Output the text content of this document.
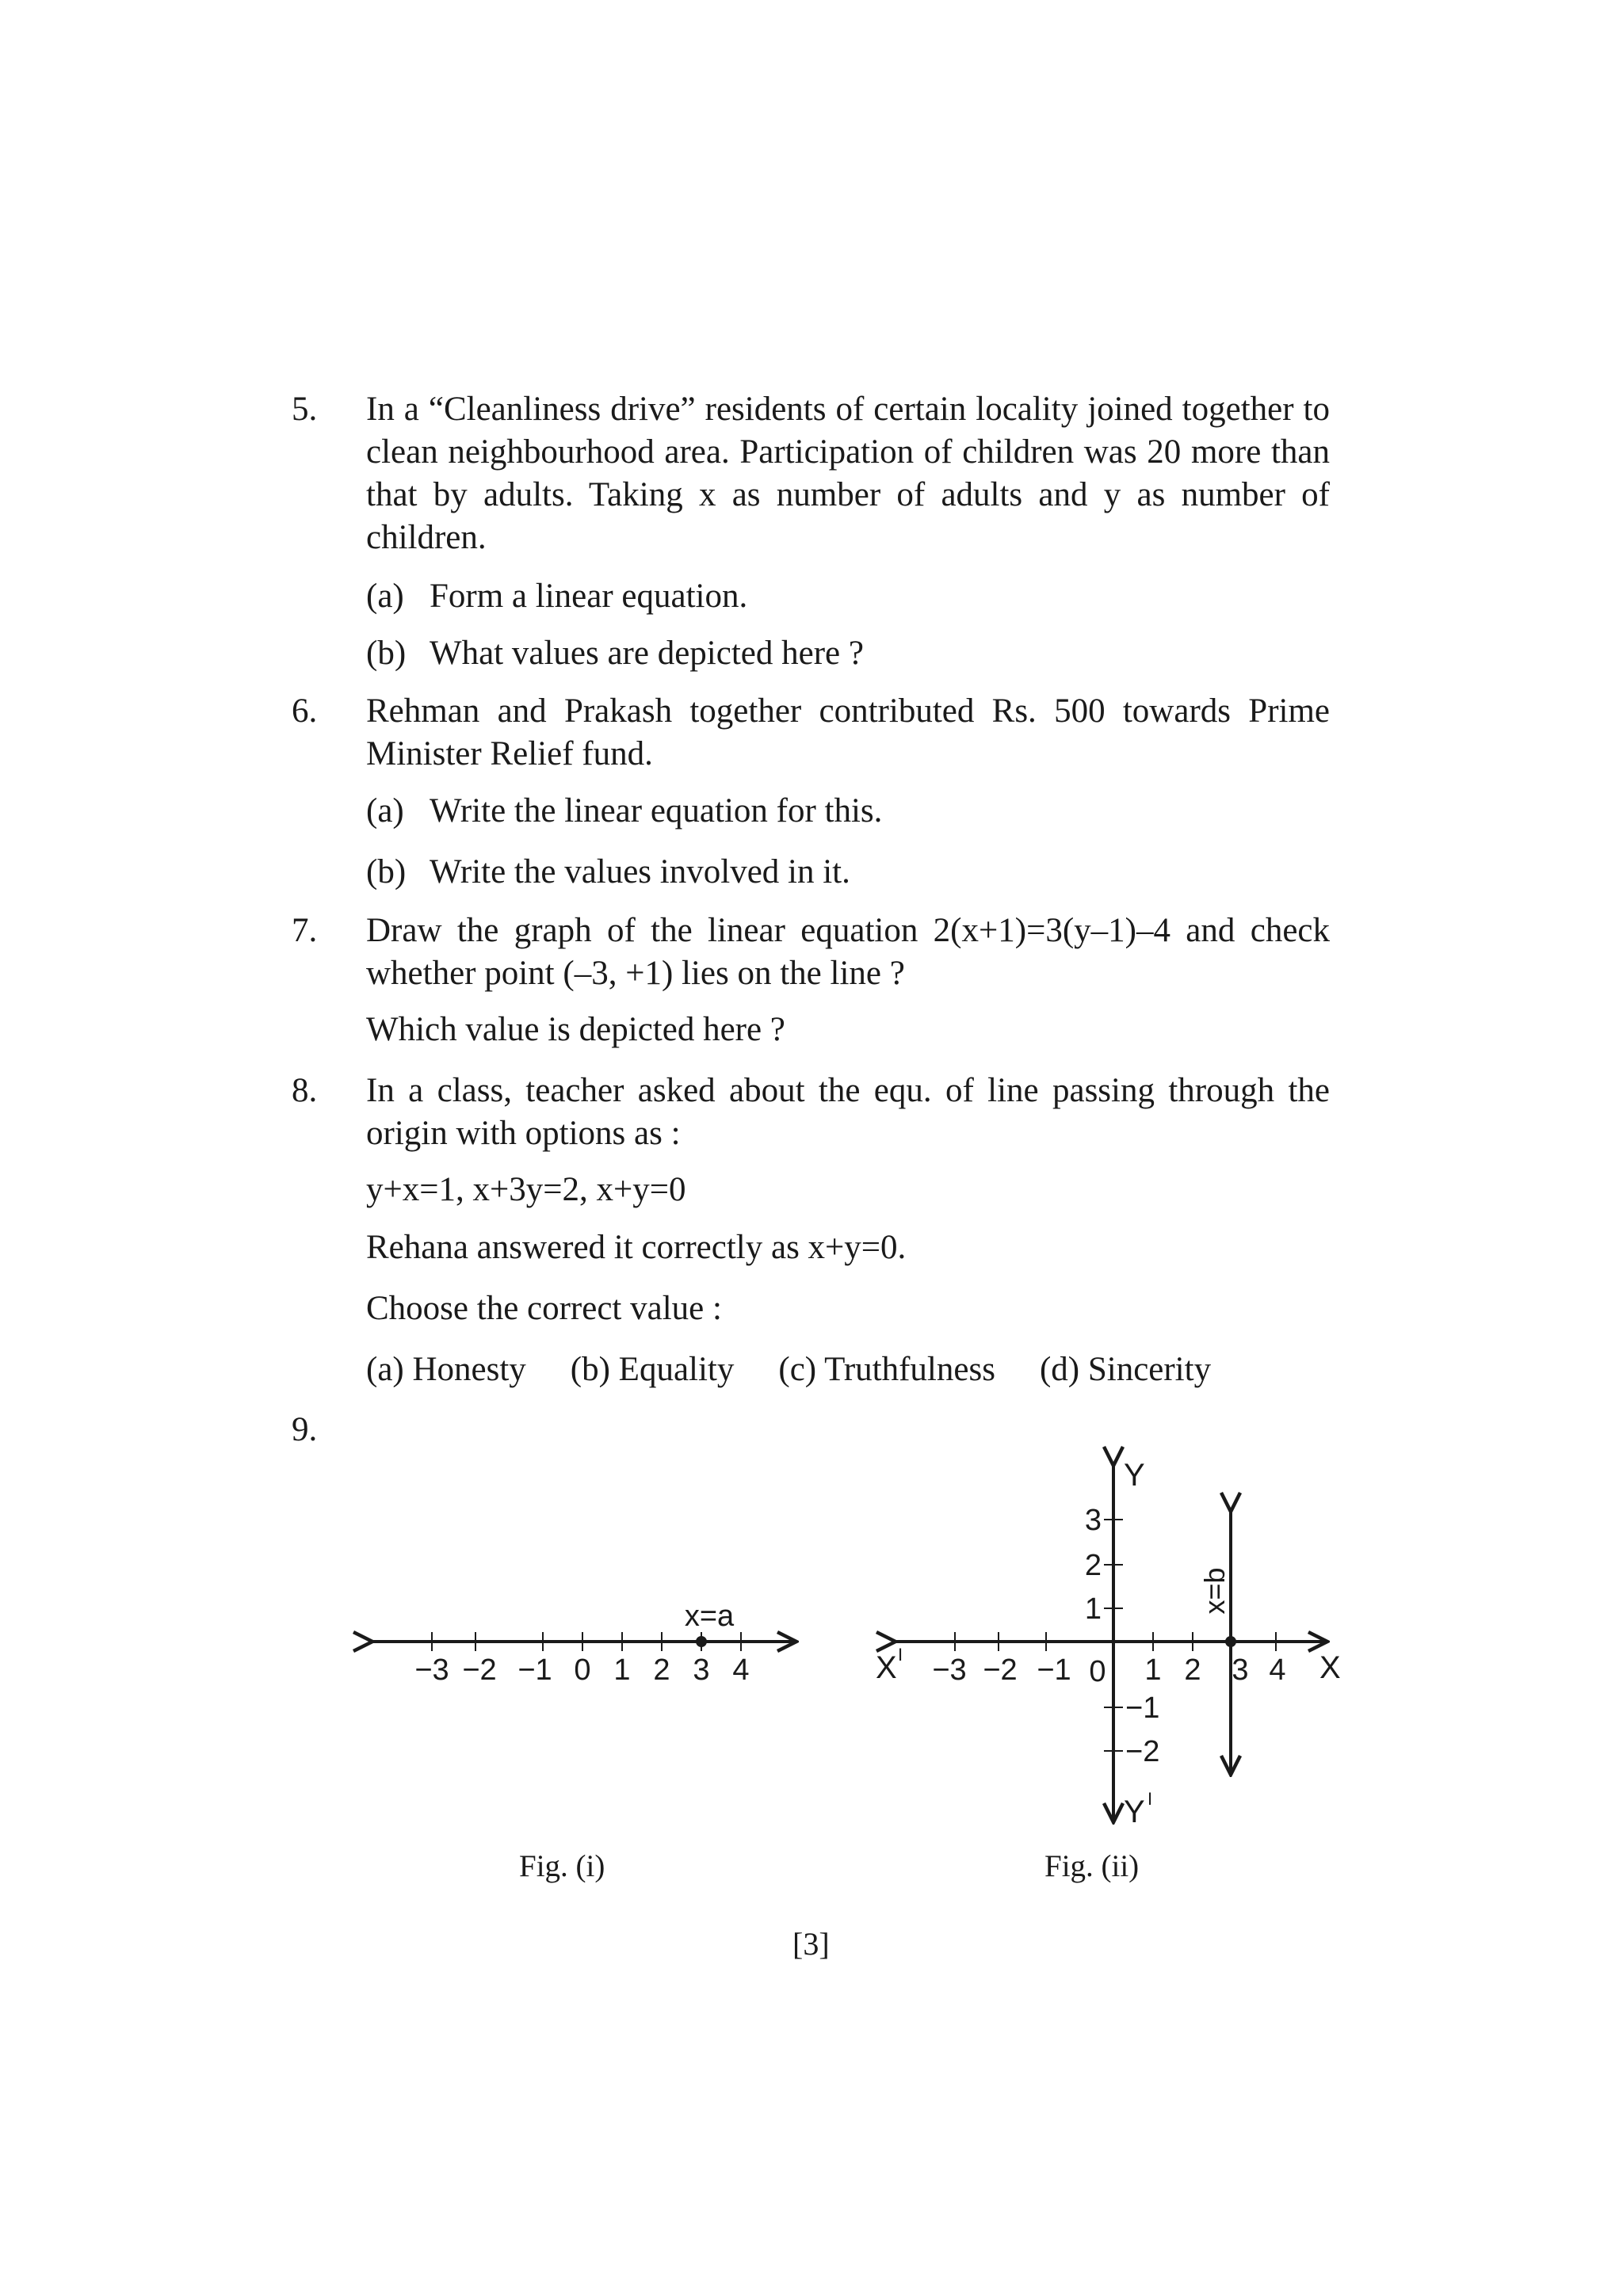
5. In a “Cleanliness drive” residents of certain locality joined together to clean neighbourhood area. Participation of children was 20 more than that by adults. Taking x as number of adults and y as number of children.
(a) Form a linear equation.
(b) What values are depicted here ?
6. Rehman and Prakash together contributed Rs. 500 towards Prime Minister Relief fund.
(a) Write the linear equation for this.
(b) Write the values involved in it.
7. Draw the graph of the linear equation 2(x+1)=3(y–1)–4 and check whether point (–3, +1) lies on the line ?
Which value is depicted here ?
8. In a class, teacher asked about the equ. of line passing through the origin with options as :
y+x=1, x+3y=2, x+y=0
Rehana answered it correctly as x+y=0.
Choose the correct value :
(a) Honesty (b) Equality (c) Truthfulness (d) Sincerity
9.
−3 −2 −1 0 1 2 3 4
x=a
−3 −2 −1 0 1 2 3 4
3
2
1
−1
−2
X
X I
Y
Y I
x=b
Fig. (i)	Fig. (ii)
[3]
